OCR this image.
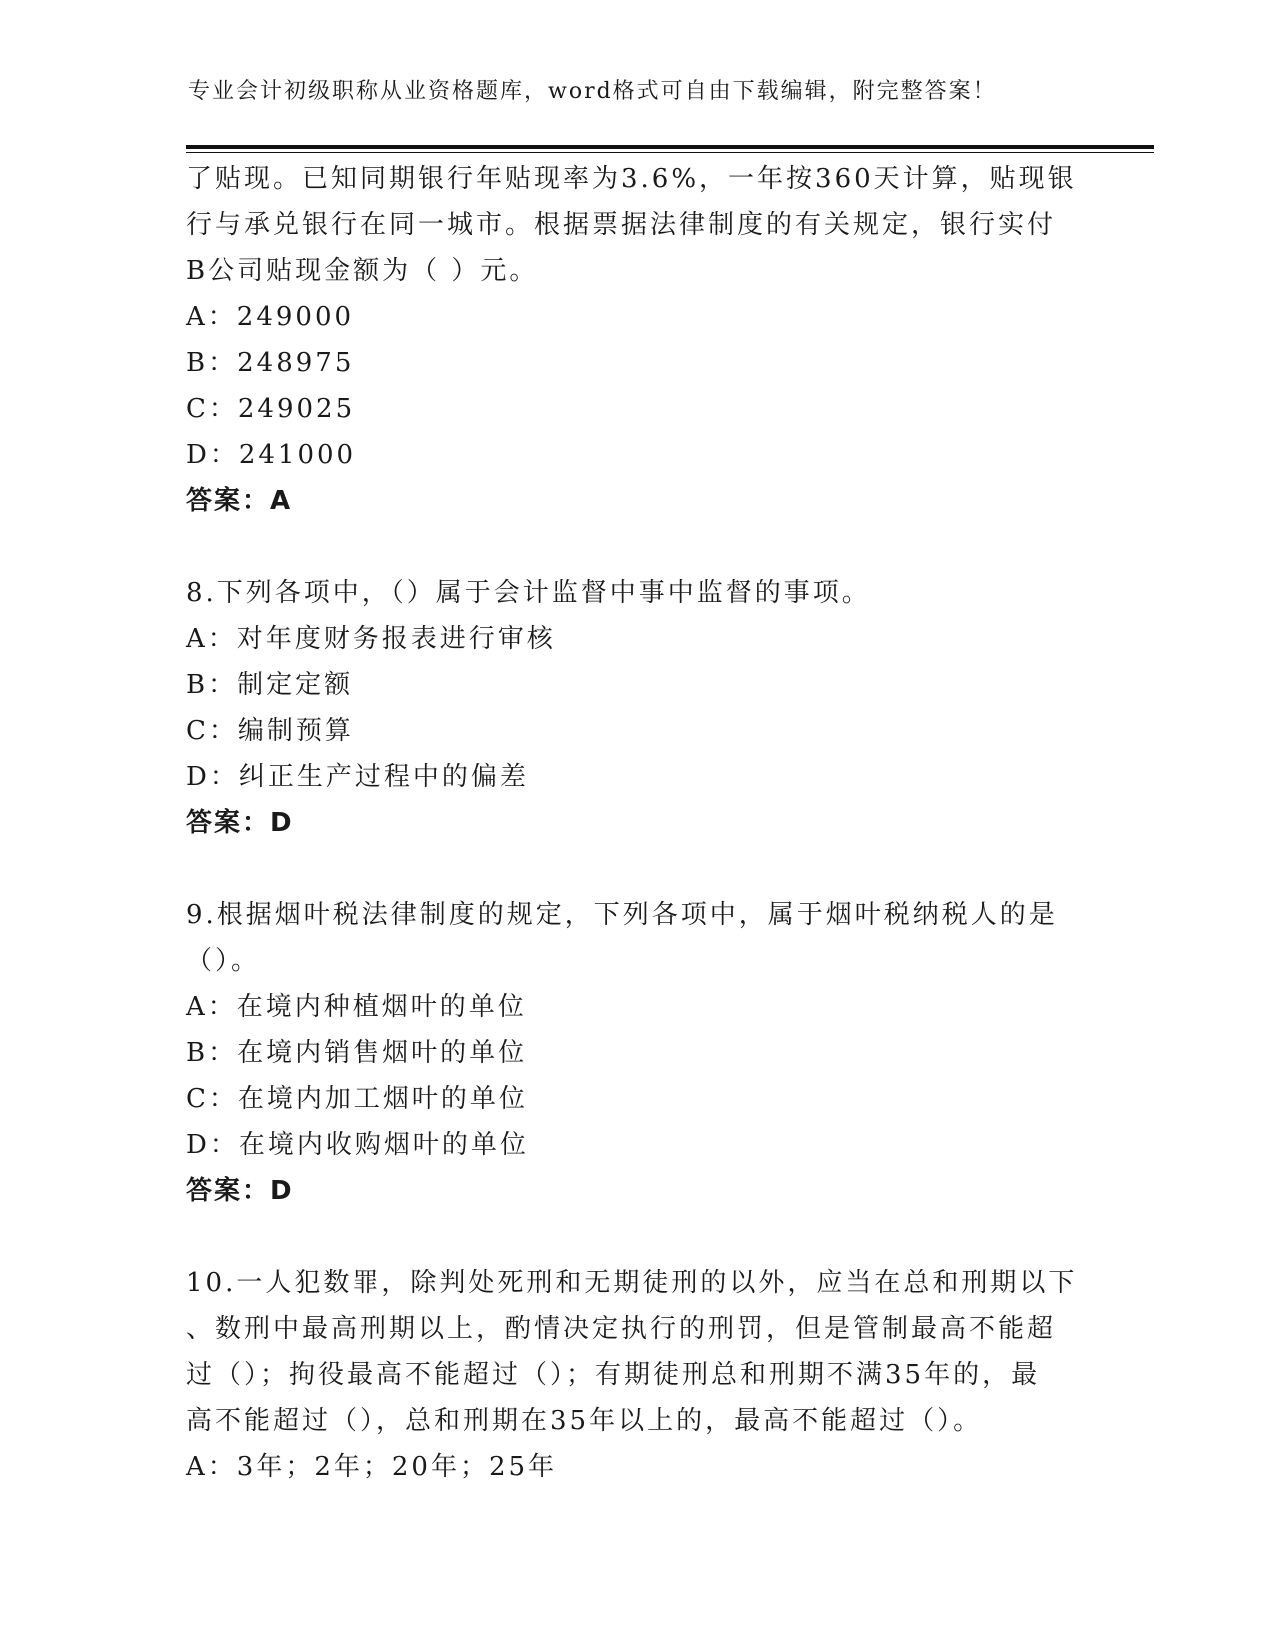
专业会计初级职称从业资格题库，word格式可自由下载编辑，附完整答案！

了贴现。已知同期银行年贴现率为3.6%，一年按360天计算，贴现银

行与承兑银行在同一城市。根据票据法律制度的有关规定，银行实付

B公司贴现金额为（ ）元。

A：249000

B：248975

C：249025

D：241000

答案：A

8.下列各项中，（）属于会计监督中事中监督的事项。

A：对年度财务报表进行审核

B：制定定额

C：编制预算

D：纠正生产过程中的偏差

答案：D

9.根据烟叶税法律制度的规定，下列各项中，属于烟叶税纳税人的是

（）。

A：在境内种植烟叶的单位

B：在境内销售烟叶的单位

C：在境内加工烟叶的单位

D：在境内收购烟叶的单位

答案：D

10.一人犯数罪，除判处死刑和无期徒刑的以外，应当在总和刑期以下

、数刑中最高刑期以上，酌情决定执行的刑罚，但是管制最高不能超

过（）；拘役最高不能超过（）；有期徒刑总和刑期不满35年的，最

高不能超过（），总和刑期在35年以上的，最高不能超过（）。

A：3年；2年；20年；25年
